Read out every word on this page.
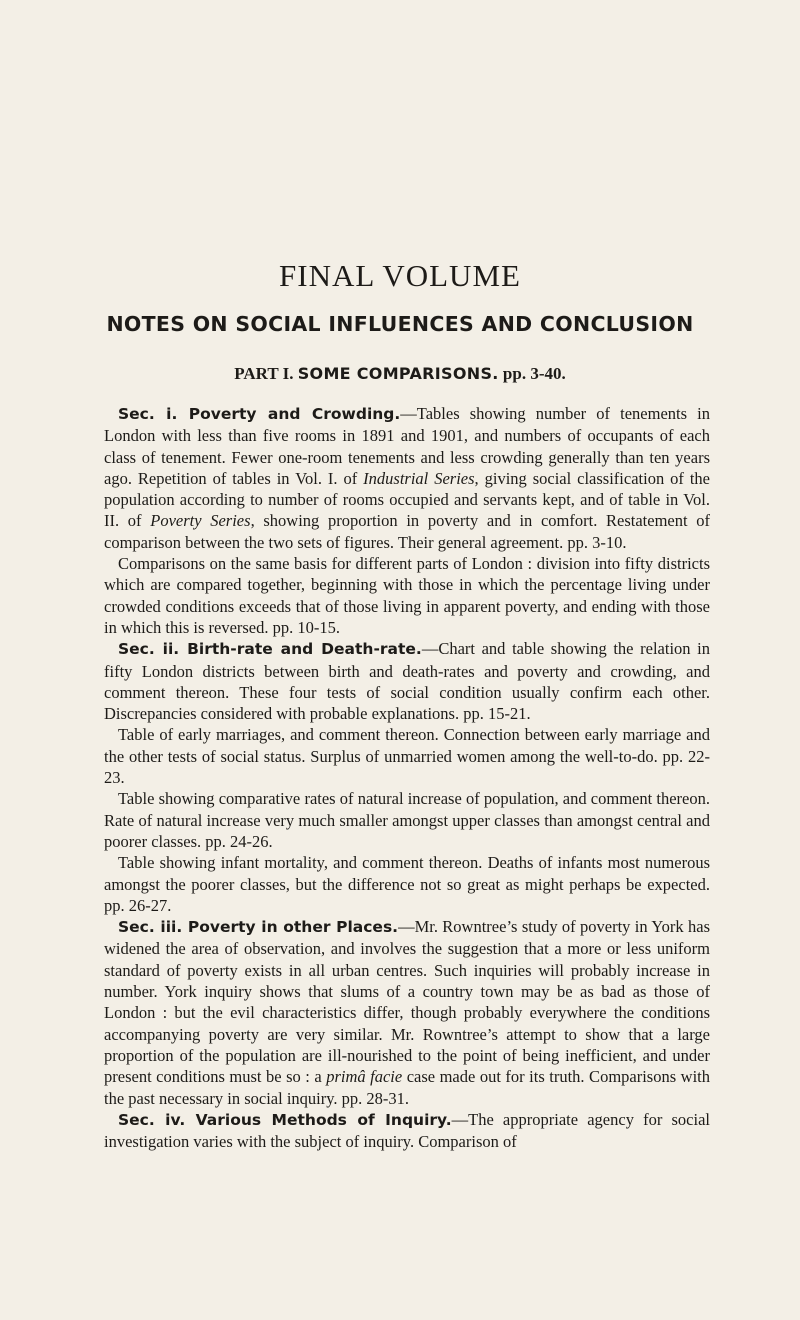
FINAL VOLUME
NOTES ON SOCIAL INFLUENCES AND CONCLUSION
PART I. SOME COMPARISONS. pp. 3-40.

Sec. i. Poverty and Crowding.—Tables showing number of tenements in London with less than five rooms in 1891 and 1901, and numbers of occupants of each class of tenement. Fewer one-room tenements and less crowding generally than ten years ago. Repetition of tables in Vol. I. of Industrial Series, giving social classification of the population according to number of rooms occupied and servants kept, and of table in Vol. II. of Poverty Series, showing proportion in poverty and in comfort. Restatement of comparison between the two sets of figures. Their general agreement. pp. 3-10.

Comparisons on the same basis for different parts of London : division into fifty districts which are compared together, beginning with those in which the percentage living under crowded conditions exceeds that of those living in apparent poverty, and ending with those in which this is reversed. pp. 10-15.

Sec. ii. Birth-rate and Death-rate.—Chart and table showing the relation in fifty London districts between birth and death-rates and poverty and crowding, and comment thereon. These four tests of social condition usually confirm each other. Discrepancies considered with probable explanations. pp. 15-21.

Table of early marriages, and comment thereon. Connection between early marriage and the other tests of social status. Surplus of unmarried women among the well-to-do. pp. 22-23.

Table showing comparative rates of natural increase of population, and comment thereon. Rate of natural increase very much smaller amongst upper classes than amongst central and poorer classes. pp. 24-26.

Table showing infant mortality, and comment thereon. Deaths of infants most numerous amongst the poorer classes, but the difference not so great as might perhaps be expected. pp. 26-27.

Sec. iii. Poverty in other Places.—Mr. Rowntree’s study of poverty in York has widened the area of observation, and involves the suggestion that a more or less uniform standard of poverty exists in all urban centres. Such inquiries will probably increase in number. York inquiry shows that slums of a country town may be as bad as those of London : but the evil characteristics differ, though probably everywhere the conditions accompanying poverty are very similar. Mr. Rowntree’s attempt to show that a large proportion of the population are ill-nourished to the point of being inefficient, and under present conditions must be so : a primâ facie case made out for its truth. Comparisons with the past necessary in social inquiry. pp. 28-31.

Sec. iv. Various Methods of Inquiry.—The appropriate agency for social investigation varies with the subject of inquiry. Comparison of
